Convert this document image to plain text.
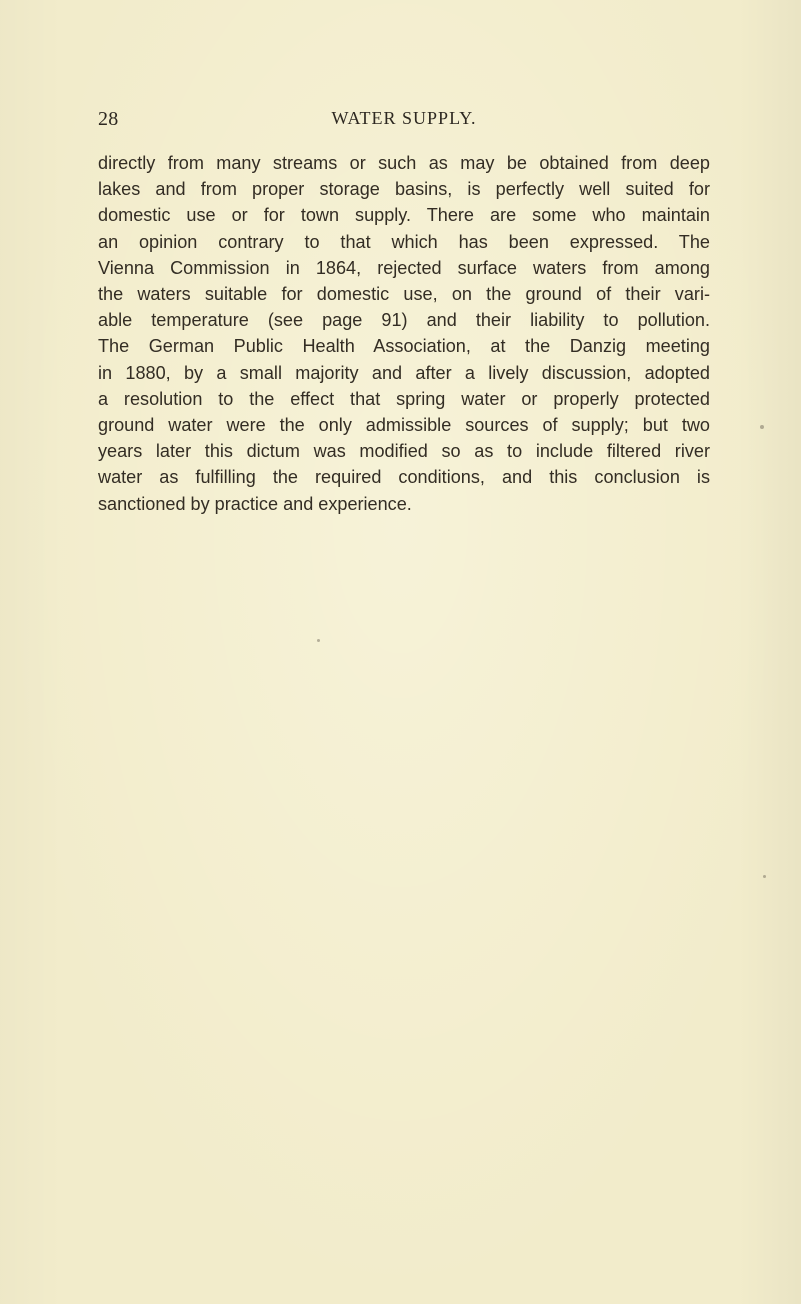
28	WATER SUPPLY.

directly from many streams or such as may be obtained from deep
lakes and from proper storage basins, is perfectly well suited for
domestic use or for town supply. There are some who maintain
an opinion contrary to that which has been expressed. The
Vienna Commission in 1864, rejected surface waters from among
the waters suitable for domestic use, on the ground of their vari-
able temperature (see page 91) and their liability to pollution.
The German Public Health Association, at the Danzig meeting
in 1880, by a small majority and after a lively discussion, adopted
a resolution to the effect that spring water or properly protected
ground water were the only admissible sources of supply; but two
years later this dictum was modified so as to include filtered river
water as fulfilling the required conditions, and this conclusion is
sanctioned by practice and experience.
